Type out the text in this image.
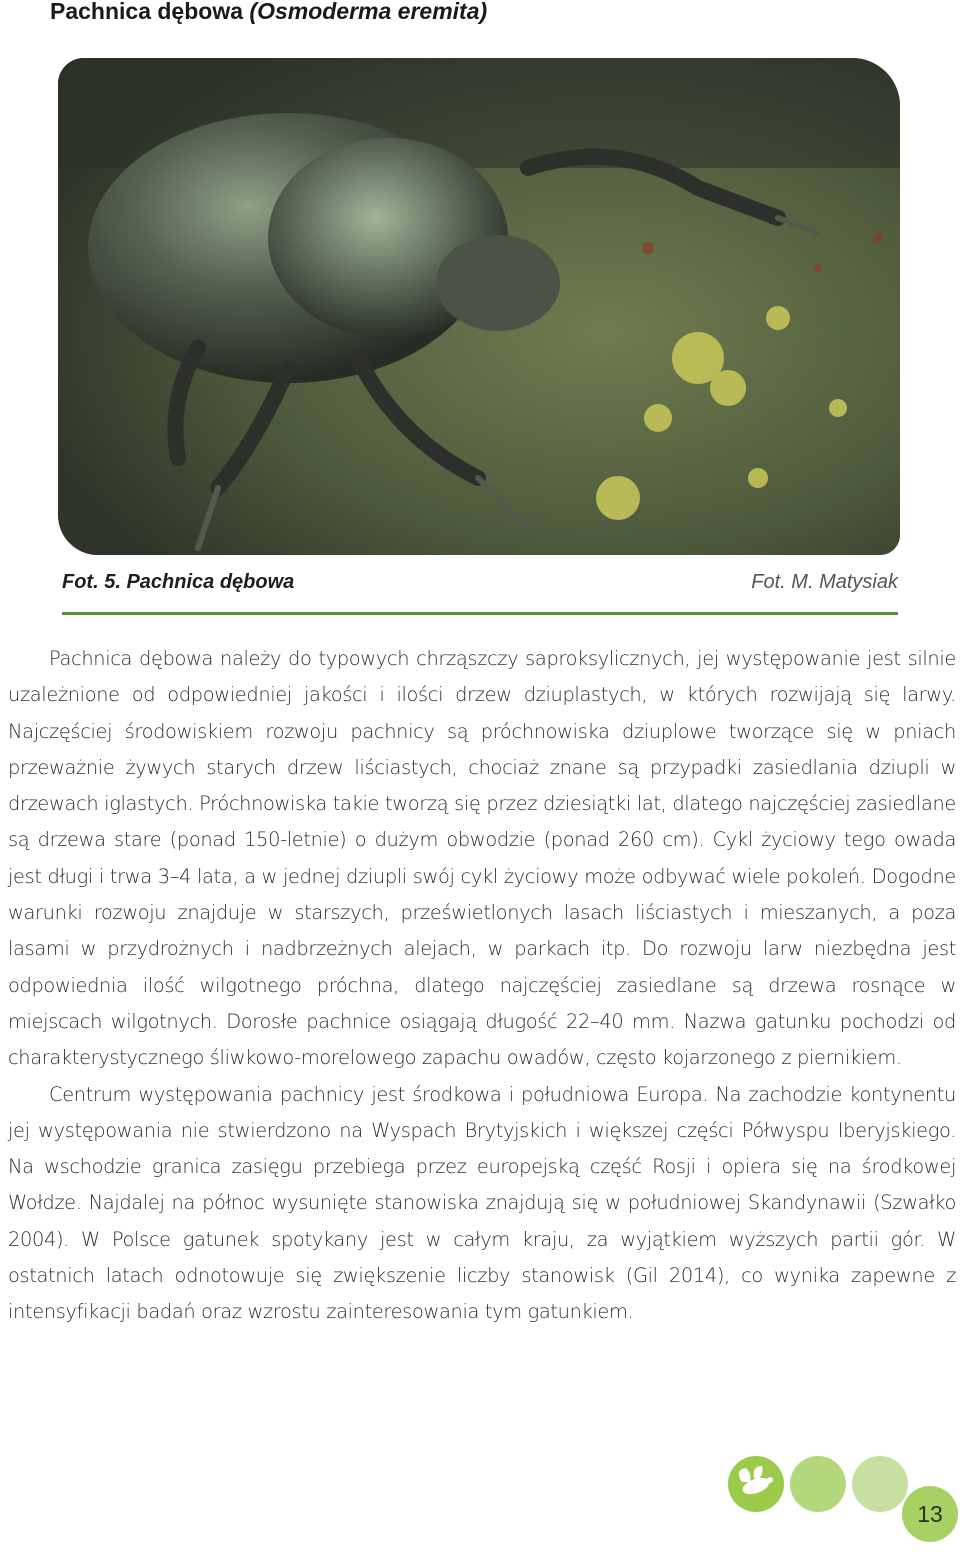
Pachnica dębowa (Osmoderma eremita)
Fot. 5. Pachnica dębowa	Fot. M. Matysiak

Pachnica dębowa należy do typowych chrząszczy saproksylicznych, jej występowanie jest silnie uzależnione od odpowiedniej jakości i ilości drzew dziuplastych, w których rozwijają się larwy. Najczęściej środowiskiem rozwoju pachnicy są próchnowiska dziuplowe tworzące się w pniach przeważnie żywych starych drzew liściastych, chociaż znane są przypadki zasiedlania dziupli w drzewach iglastych. Próchnowiska takie tworzą się przez dziesiątki lat, dlatego najczęściej zasiedlane są drzewa stare (ponad 150-letnie) o dużym obwodzie (ponad 260 cm). Cykl życiowy tego owada jest długi i trwa 3–4 lata, a w jednej dziupli swój cykl życiowy może odbywać wiele pokoleń. Dogodne warunki rozwoju znajduje w starszych, prześwietlonych lasach liściastych i mieszanych, a poza lasami w przydrożnych i nadbrzeżnych alejach, w parkach itp. Do rozwoju larw niezbędna jest odpowiednia ilość wilgotnego próchna, dlatego najczęściej zasiedlane są drzewa rosnące w miejscach wilgotnych. Dorosłe pachnice osiągają długość 22–40 mm. Nazwa gatunku pochodzi od charakterystycznego śliwkowo-morelowego zapachu owadów, często kojarzonego z piernikiem.

Centrum występowania pachnicy jest środkowa i południowa Europa. Na zachodzie kontynentu jej występowania nie stwierdzono na Wyspach Brytyjskich i większej części Półwyspu Iberyjskiego. Na wschodzie granica zasięgu przebiega przez europejską część Rosji i opiera się na środkowej Wołdze. Najdalej na północ wysunięte stanowiska znajdują się w południowej Skandynawii (Szwałko 2004). W Polsce gatunek spotykany jest w całym kraju, za wyjątkiem wyższych partii gór. W ostatnich latach odnotowuje się zwiększenie liczby stanowisk (Gil 2014), co wynika zapewne z intensyfikacji badań oraz wzrostu zainteresowania tym gatunkiem.

13
